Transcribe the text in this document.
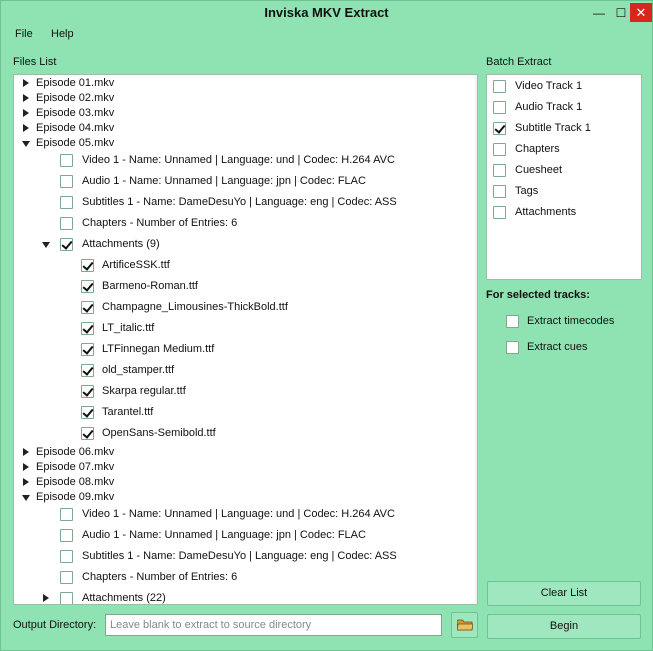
Inviska MKV Extract	— ☐ ✕
File Help
Files List	Batch Extract
Episode 01.mkv
Episode 02.mkv
Episode 03.mkv
Episode 04.mkv
Episode 05.mkv
Video 1 - Name: Unnamed | Language: und | Codec: H.264 AVC
Audio 1 - Name: Unnamed | Language: jpn | Codec: FLAC
Subtitles 1 - Name: DameDesuYo | Language: eng | Codec: ASS
Chapters - Number of Entries: 6
Attachments (9)
ArtificeSSK.ttf
Barmeno-Roman.ttf
Champagne_Limousines-ThickBold.ttf
LT_italic.ttf
LTFinnegan Medium.ttf
old_stamper.ttf
Skarpa regular.ttf
Tarantel.ttf
OpenSans-Semibold.ttf
Episode 06.mkv
Episode 07.mkv
Episode 08.mkv
Episode 09.mkv
Video 1 - Name: Unnamed | Language: und | Codec: H.264 AVC
Audio 1 - Name: Unnamed | Language: jpn | Codec: FLAC
Subtitles 1 - Name: DameDesuYo | Language: eng | Codec: ASS
Chapters - Number of Entries: 6
Attachments (22)
Video Track 1
Audio Track 1
Subtitle Track 1
Chapters
Cuesheet
Tags
Attachments
For selected tracks:
Extract timecodes
Extract cues
Clear List
Begin
Output Directory:
Leave blank to extract to source directory
